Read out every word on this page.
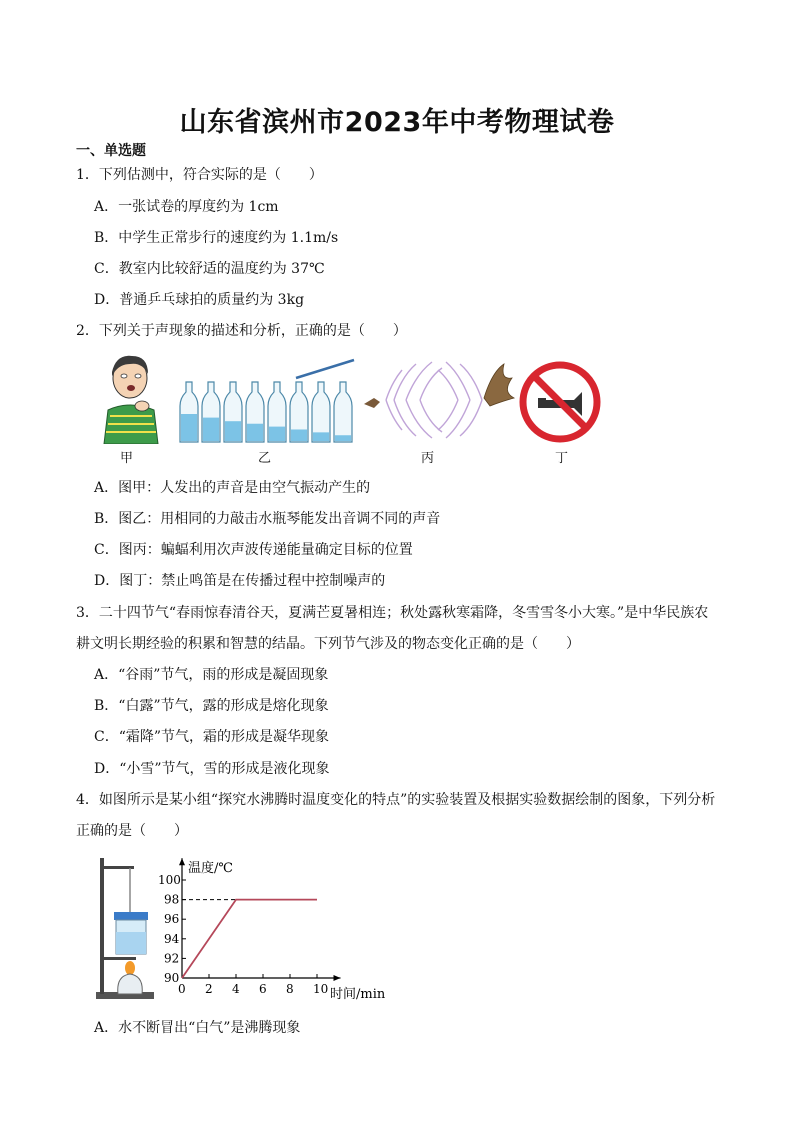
山东省滨州市2023年中考物理试卷
一、单选题
1．下列估测中，符合实际的是（　　）
A．一张试卷的厚度约为 1cm
B．中学生正常步行的速度约为 1.1m/s
C．教室内比较舒适的温度约为 37℃
D．普通乒乓球拍的质量约为 3kg
2．下列关于声现象的描述和分析，正确的是（　　）
甲	乙	丙	丁
A．图甲：人发出的声音是由空气振动产生的
B．图乙：用相同的力敲击水瓶琴能发出音调不同的声音
C．图丙：蝙蝠利用次声波传递能量确定目标的位置
D．图丁：禁止鸣笛是在传播过程中控制噪声的
3．二十四节气“春雨惊春清谷天，夏满芒夏暑相连；秋处露秋寒霜降，冬雪雪冬小大寒。”是中华民族农
耕文明长期经验的积累和智慧的结晶。下列节气涉及的物态变化正确的是（　　）
A．“谷雨”节气，雨的形成是凝固现象
B．“白露”节气，露的形成是熔化现象
C．“霜降”节气，霜的形成是凝华现象
D．“小雪”节气，雪的形成是液化现象
4．如图所示是某小组“探究水沸腾时温度变化的特点”的实验装置及根据实验数据绘制的图象，下列分析
正确的是（　　）
0 2 4 6 8 10
90
92
94
96
98
100
温度/℃
时间/min
A．水不断冒出“白气”是沸腾现象
